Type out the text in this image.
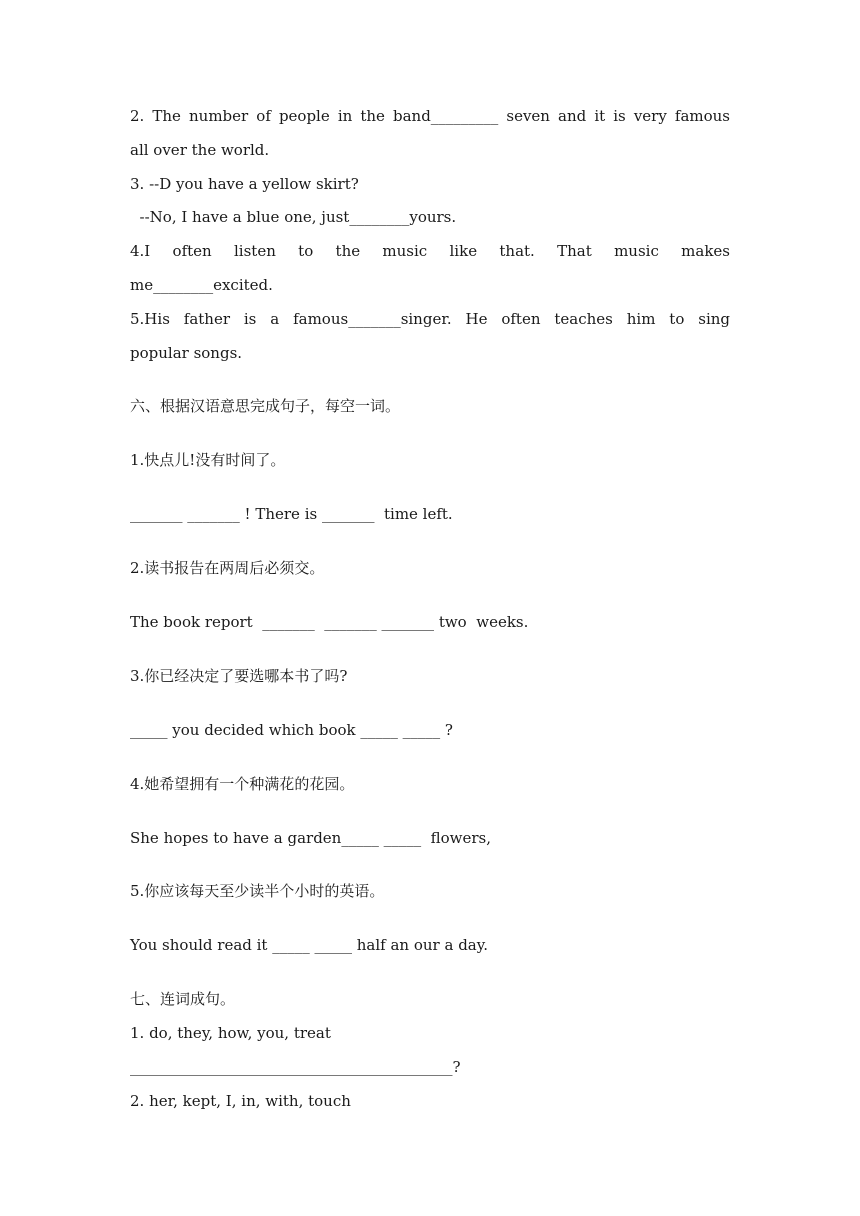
2. The number of people in the band_________ seven and it is very famous

all over the world.

3. --D you have a yellow skirt?

--No, I have a blue one, just________yours.

4.I often listen to the music like that. That music makes

me________excited.

5.His father is a famous_______singer. He often teaches him to sing

popular songs.

六、根据汉语意思完成句子，每空一词。

1.快点儿!没有时间了。

_______ _______ ! There is _______  time left.

2.读书报告在两周后必须交。

The book report  _______  _______ _______ two  weeks.

3.你已经决定了要选哪本书了吗?

_____ you decided which book _____ _____ ?

4.她希望拥有一个种满花的花园。

She hopes to have a garden_____ _____  flowers,

5.你应该每天至少读半个小时的英语。

You should read it _____ _____ half an our a day.

七、连词成句。

1. do, they, how, you, treat

___________________________________________?

2. her, kept, I, in, with, touch
